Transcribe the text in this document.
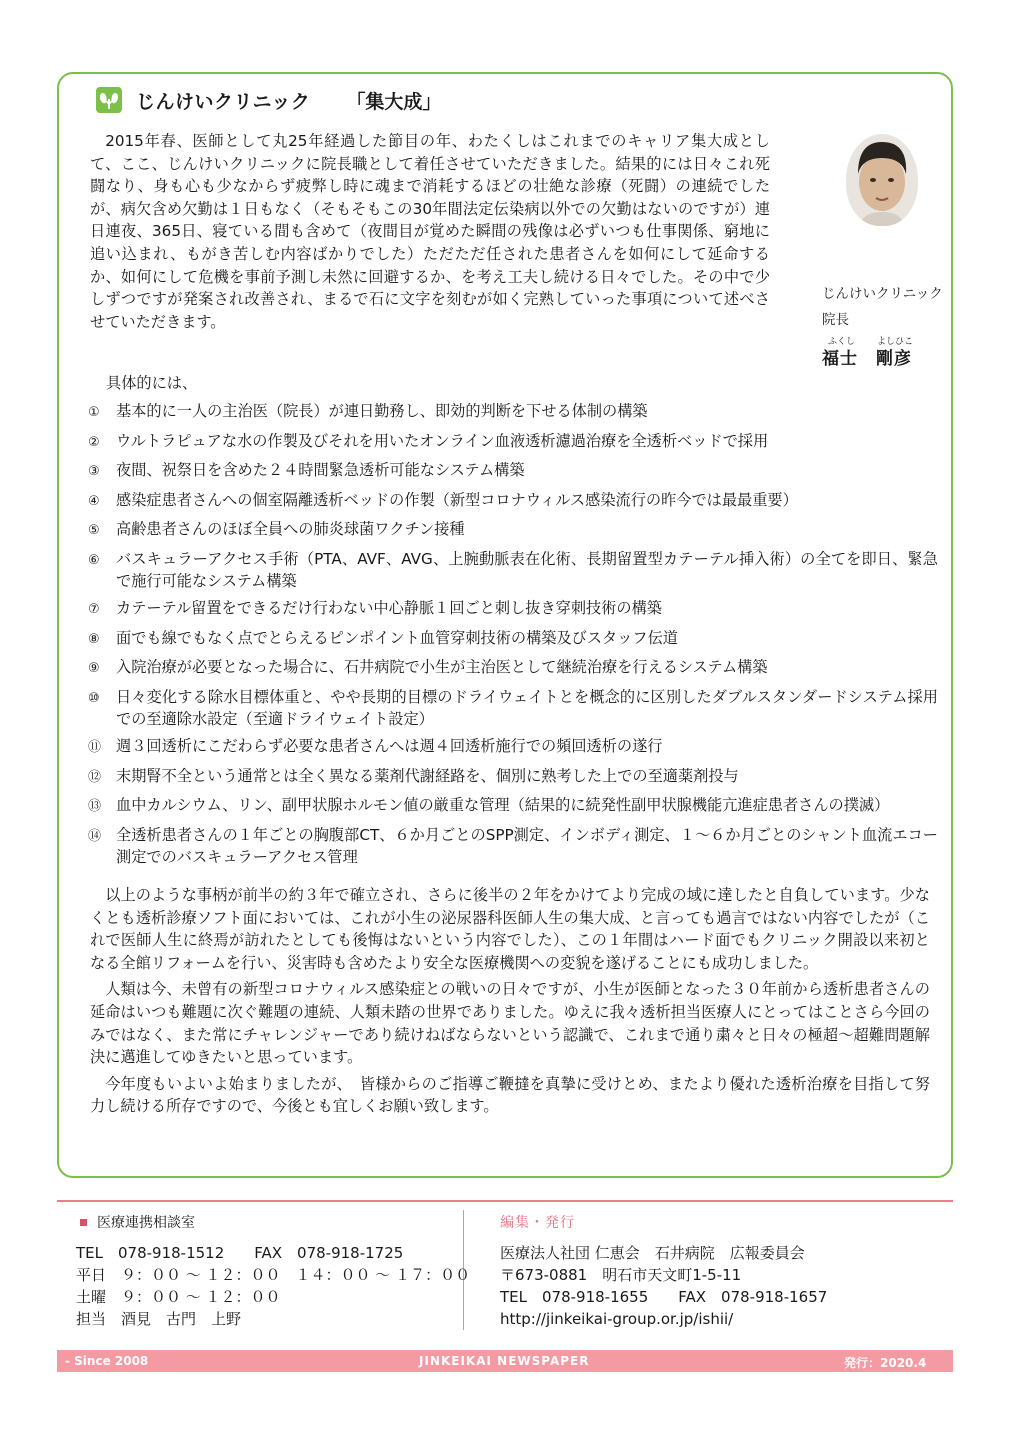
じんけいクリニック 「集大成」

2015年春、医師として丸25年経過した節目の年、わたくしはこれまでのキャリア集大成として、ここ、じんけいクリニックに院長職として着任させていただきました。結果的には日々これ死闘なり、身も心も少なからず疲弊し時に魂まで消耗するほどの壮絶な診療（死闘）の連続でしたが、病欠含め欠勤は１日もなく（そもそもこの30年間法定伝染病以外での欠勤はないのですが）連日連夜、365日、寝ている間も含めて（夜間目が覚めた瞬間の残像は必ずいつも仕事関係、窮地に追い込まれ、もがき苦しむ内容ばかりでした）ただただ任された患者さんを如何にして延命するか、如何にして危機を事前予測し未然に回避するか、を考え工夫し続ける日々でした。その中で少しずつですが発案され改善され、まるで石に文字を刻むが如く完熟していった事項について述べさせていただきます。

じんけいクリニック
院長
ふくし よしひこ
福士　剛彦
具体的には、
①	基本的に一人の主治医（院長）が連日勤務し、即効的判断を下せる体制の構築
②	ウルトラピュアな水の作製及びそれを用いたオンライン血液透析濾過治療を全透析ベッドで採用
③	夜間、祝祭日を含めた２４時間緊急透析可能なシステム構築
④	感染症患者さんへの個室隔離透析ベッドの作製（新型コロナウィルス感染流行の昨今では最最重要）
⑤	高齢患者さんのほぼ全員への肺炎球菌ワクチン接種
⑥	バスキュラーアクセス手術（PTA、AVF、AVG、上腕動脈表在化術、長期留置型カテーテル挿入術）の全てを即日、緊急で施行可能なシステム構築
⑦	カテーテル留置をできるだけ行わない中心静脈１回ごと刺し抜き穿刺技術の構築
⑧	面でも線でもなく点でとらえるピンポイント血管穿刺技術の構築及びスタッフ伝道
⑨	入院治療が必要となった場合に、石井病院で小生が主治医として継続治療を行えるシステム構築
⑩	日々変化する除水目標体重と、やや長期的目標のドライウェイトとを概念的に区別したダブルスタンダードシステム採用での至適除水設定（至適ドライウェイト設定）
⑪ 週３回透析にこだわらず必要な患者さんへは週４回透析施行での頻回透析の遂行
⑫ 末期腎不全という通常とは全く異なる薬剤代謝経路を、個別に熟考した上での至適薬剤投与
⑬ 血中カルシウム、リン、副甲状腺ホルモン値の厳重な管理（結果的に続発性副甲状腺機能亢進症患者さんの撲滅）
⑭ 全透析患者さんの１年ごとの胸腹部CT、６か月ごとのSPP測定、インボディ測定、１～６か月ごとのシャント血流エコー測定でのバスキュラーアクセス管理

以上のような事柄が前半の約３年で確立され、さらに後半の２年をかけてより完成の域に達したと自負しています。少なくとも透析診療ソフト面においては、これが小生の泌尿器科医師人生の集大成、と言っても過言ではない内容でしたが（これで医師人生に終焉が訪れたとしても後悔はないという内容でした）、この１年間はハード面でもクリニック開設以来初となる全館リフォームを行い、災害時も含めたより安全な医療機関への変貌を遂げることにも成功しました。

人類は今、未曾有の新型コロナウィルス感染症との戦いの日々ですが、小生が医師となった３０年前から透析患者さんの延命はいつも難題に次ぐ難題の連続、人類未踏の世界でありました。ゆえに我々透析担当医療人にとってはことさら今回のみではなく、また常にチャレンジャーであり続けねばならないという認識で、これまで通り粛々と日々の極超～超難問題解決に邁進してゆきたいと思っています。

今年度もいよいよ始まりましたが、　皆様からのご指導ご鞭撻を真摯に受けとめ、またより優れた透析治療を目指して努力し続ける所存ですので、今後とも宜しくお願い致します。

医療連携相談室
TEL　078-918-1512　　FAX　078-918-1725
平日　９：００ ～ １２：００　１４：００ ～ １７：００
土曜　９：００ ～ １２：００
担当　酒見　古門　上野
編集・発行
医療法人社団 仁恵会　石井病院　広報委員会
〒673-0881　明石市天文町1-5-11
TEL　078-918-1655　　FAX　078-918-1657
http://jinkeikai-group.or.jp/ishii/
- Since 2008	JINKEIKAI NEWSPAPER	発行：2020.4
